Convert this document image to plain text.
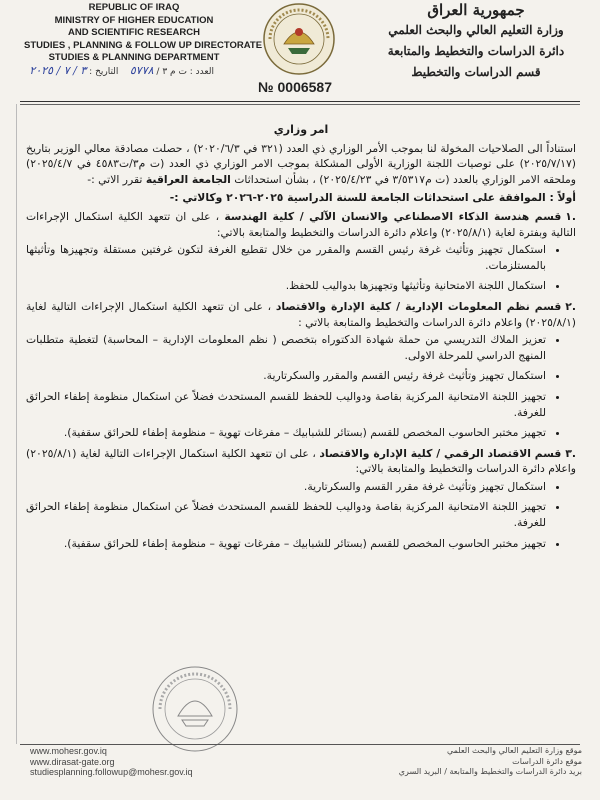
REPUBLIC OF IRAQ
MINISTRY OF HIGHER EDUCATION
AND SCIENTIFIC RESEARCH
STUDIES , PLANNING & FOLLOW UP DIRECTORATE
STUDIES & PLANNING DEPARTMENT
جمهورية العراق
وزارة التعليم العالي والبحث العلمي
دائرة الدراسات والتخطيط والمتابعة
قسم الدراسات والتخطيط
العدد : ت م ٣ / ٥٧٧٨    التاريخ : ٣ / ٧ / ٢٠٢٥
№ 0006587

امر وزاري

استناداً الى الصلاحيات المخولة لنا بموجب الأمر الوزاري ذي العدد (٣٢١ في ٢٠٢٠/٦/٣) ، حصلت مصادقة معالي الوزير بتاريخ (٢٠٢٥/٧/١٧) على توصيات اللجنة الوزارية الأولى المشكلة بموجب الامر الوزاري ذي العدد (ت م٣/ت٤٥٨٣ في ٢٠٢٥/٤/٧) وملحقه الامر الوزاري بالعدد (ت م٣/٥٣١٧ في ٢٠٢٥/٤/٢٣) ، بشأن استحداثات الجامعة العراقية تقرر الاتي :-

أولاً : الموافقة على استحداثات الجامعة للسنة الدراسية ٢٠٢٥-٢٠٢٦ وكالاتي :-

.١قسم هندسة الذكاء الاصطناعي والانسان الآلي / كلية الهندسة ، على ان تتعهد الكلية استكمال الإجراءات التالية وبفترة لغاية (٢٠٢٥/٨/١) واعلام دائرة الدراسات والتخطيط والمتابعة بالاتي:

• استكمال تجهيز وتأثيث غرفة رئيس القسم والمقرر من خلال تقطيع الغرفة لتكون غرفتين مستقلة وتجهيزها وتأثيثها بالمستلزمات.
• استكمال اللجنة الامتحانية وتأثيثها وتجهيزها بدواليب للحفظ.

.٢قسم نظم المعلومات الإدارية / كلية الإدارة والاقتصاد ، على ان تتعهد الكلية استكمال الإجراءات التالية لغاية (٢٠٢٥/٨/١) واعلام دائرة الدراسات والتخطيط والمتابعة بالاتي :

• تعزيز الملاك التدريسي من حملة شهادة الدكتوراه بتخصص ( نظم المعلومات الإدارية – المحاسبة) لتغطية متطلبات المنهج الدراسي للمرحلة الاولى.
• استكمال تجهيز وتأثيث غرفة رئيس القسم والمقرر والسكرتارية.
• تجهيز اللجنة الامتحانية المركزية بقاصة ودواليب للحفظ للقسم المستحدث فضلاً عن استكمال منظومة إطفاء الحرائق للغرفة.
• تجهيز مختبر الحاسوب المخصص للقسم (بستائر للشبابيك – مفرغات تهوية – منظومة إطفاء للحرائق سقفية).

.٣قسم الاقتصاد الرقمي / كلية الإدارة والاقتصاد ، على ان تتعهد الكلية استكمال الإجراءات التالية لغاية (٢٠٢٥/٨/١) واعلام دائرة الدراسات والتخطيط والمتابعة بالاتي:

• استكمال تجهيز وتأثيث غرفة مقرر القسم والسكرتارية.
• تجهيز اللجنة الامتحانية المركزية بقاصة ودواليب للحفظ للقسم المستحدث فضلاً عن استكمال منظومة إطفاء الحرائق للغرفة.
• تجهيز مختبر الحاسوب المخصص للقسم (بستائر للشبابيك – مفرغات تهوية – منظومة إطفاء للحرائق سقفية).
www.mohesr.gov.iq
www.dirasat-gate.org
studiesplanning.followup@mohesr.gov.iq
موقع وزارة التعليم العالي والبحث العلمي
موقع دائرة الدراسات
بريد دائرة الدراسات والتخطيط والمتابعة / البريد السري
